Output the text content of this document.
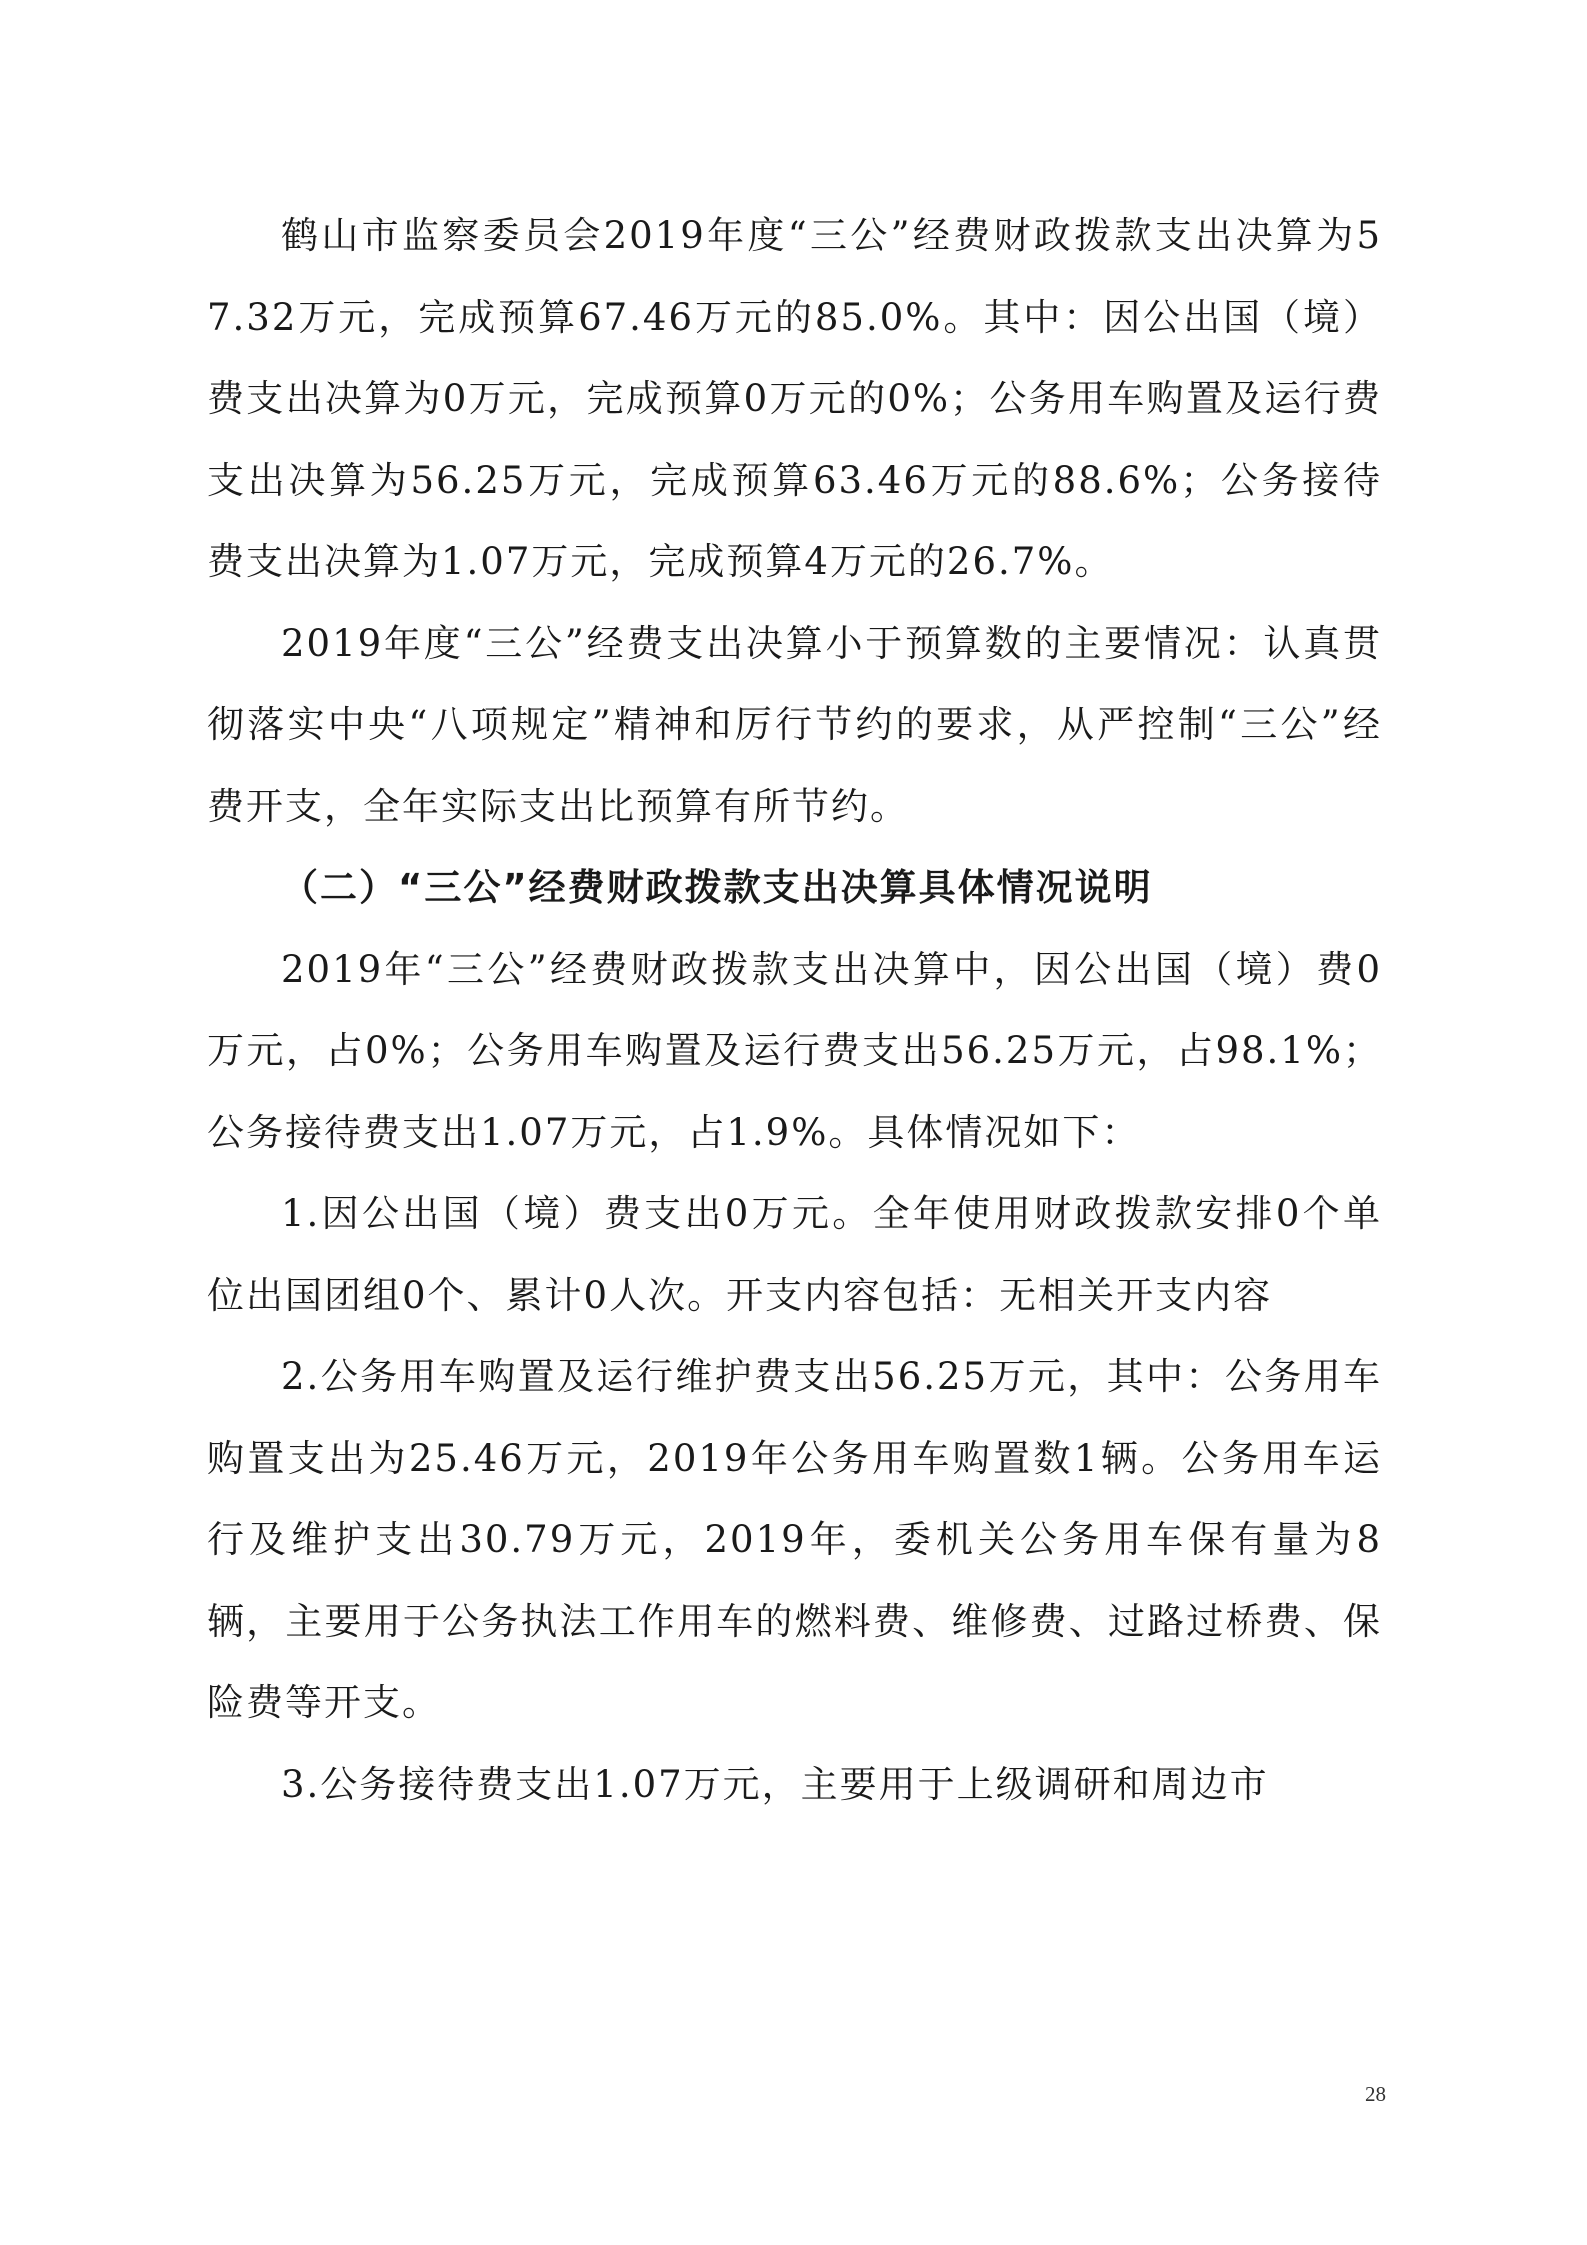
鹤山市监察委员会2019年度“三公”经费财政拨款支出决算为57.32万元，完成预算67.46万元的85.0%。其中：因公出国（境）费支出决算为0万元，完成预算0万元的0%；公务用车购置及运行费支出决算为56.25万元，完成预算63.46万元的88.6%；公务接待费支出决算为1.07万元，完成预算4万元的26.7%。

2019年度“三公”经费支出决算小于预算数的主要情况：认真贯彻落实中央“八项规定”精神和厉行节约的要求，从严控制“三公”经费开支，全年实际支出比预算有所节约。

（二）“三公”经费财政拨款支出决算具体情况说明

2019年“三公”经费财政拨款支出决算中，因公出国（境）费0万元，占0%；公务用车购置及运行费支出56.25万元，占98.1%；公务接待费支出1.07万元，占1.9%。具体情况如下：

1.因公出国（境）费支出0万元。全年使用财政拨款安排0个单位出国团组0个、累计0人次。开支内容包括：无相关开支内容

2.公务用车购置及运行维护费支出56.25万元，其中：公务用车购置支出为25.46万元，2019年公务用车购置数1辆。公务用车运行及维护支出30.79万元，2019年，委机关公务用车保有量为8辆，主要用于公务执法工作用车的燃料费、维修费、过路过桥费、保险费等开支。

3.公务接待费支出1.07万元，主要用于上级调研和周边市

28
